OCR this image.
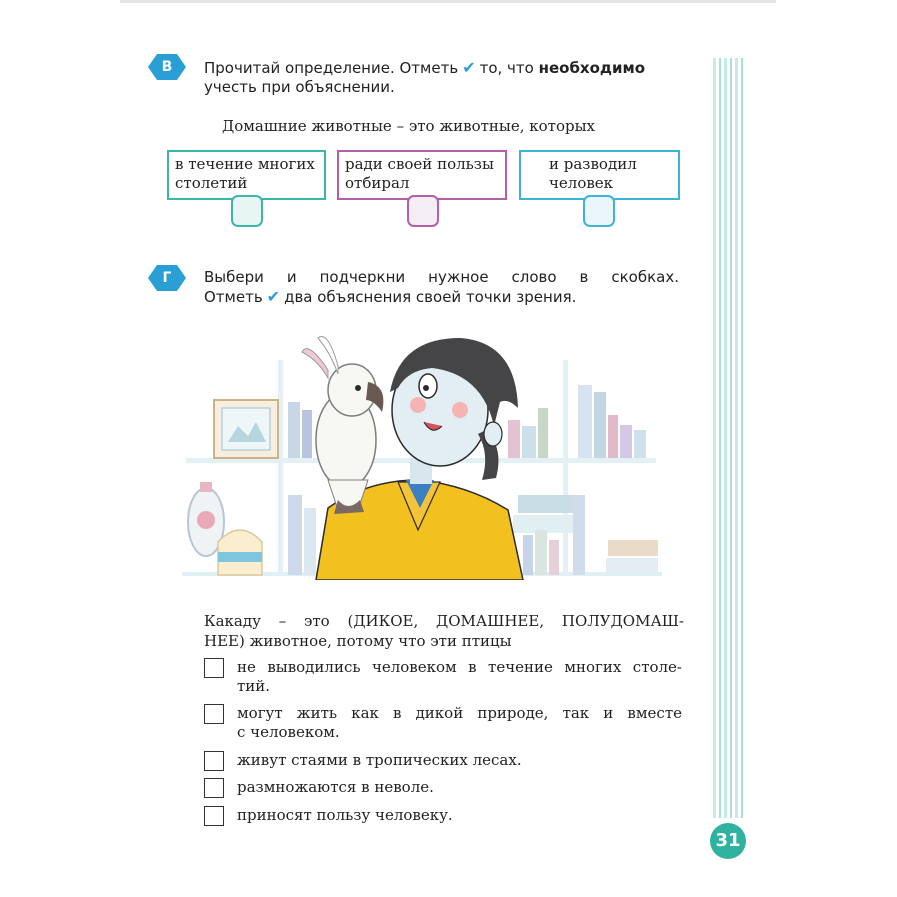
В	Прочитай определение. Отметь ✔ то, что необходимо
учесть при объяснении.
Домашние животные – это животные, которых
в течение многих
столетий
ради своей пользы
отбирал
и разводил
человек
Г	Выбери и подчеркни нужное слово в скобках.
Отметь ✔ два объяснения своей точки зрения.
Какаду – это (ДИКОЕ, ДОМАШНЕЕ, ПОЛУДОМАШ-
НЕЕ) животное, потому что эти птицы
не выводились человеком в течение многих столе-
тий.
могут жить как в дикой природе, так и вместе
с человеком.
живут стаями в тропических лесах.
размножаются в неволе.
приносят пользу человеку.
31
